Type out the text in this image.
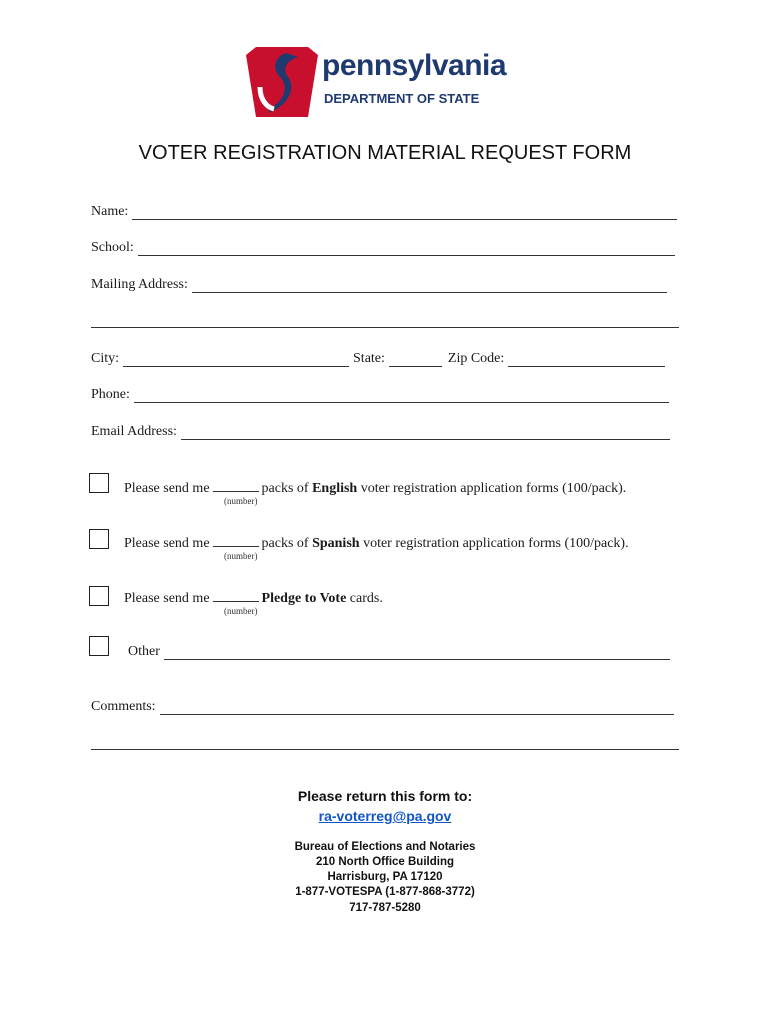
pennsylvania
DEPARTMENT OF STATE
VOTER REGISTRATION MATERIAL REQUEST FORM
Name:
School:
Mailing Address:
City:	State:	Zip Code:
Phone:
Email Address:
Please send me	packs of English voter registration application forms (100/pack).
(number)
Please send me	packs of Spanish voter registration application forms (100/pack).
(number)
Please send me	Pledge to Vote cards.
(number)
Other
Comments:
Please return this form to:
ra-voterreg@pa.gov
Bureau of Elections and Notaries
210 North Office Building
Harrisburg, PA 17120
1-877-VOTESPA (1-877-868-3772)
717-787-5280
